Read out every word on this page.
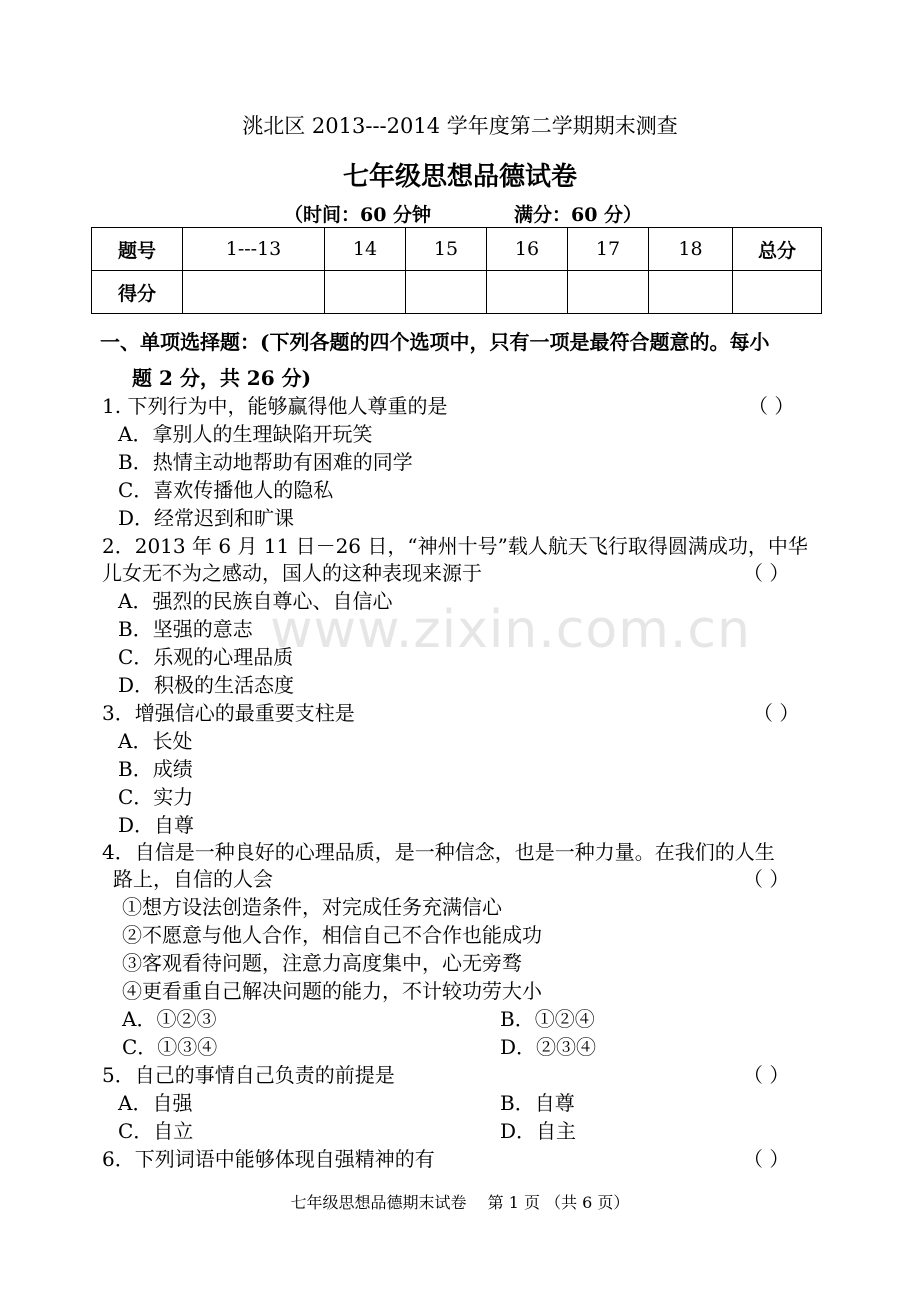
洮北区 2013---2014 学年度第二学期期末测查
七年级思想品德试卷
（时间：60 分钟	满分：60 分）
题号	1---13	14	15	16	17	18	总分
得分							
一、单项选择题：(下列各题的四个选项中，只有一项是最符合题意的。每小
题 2 分，共 26 分)
1. 下列行为中，能够赢得他人尊重的是	（ ）
A．拿别人的生理缺陷开玩笑
B．热情主动地帮助有困难的同学
C．喜欢传播他人的隐私
D．经常迟到和旷课
2．2013 年 6 月 11 日－26 日，“神州十号”载人航天飞行取得圆满成功，中华
儿女无不为之感动，国人的这种表现来源于	（ ）
A．强烈的民族自尊心、自信心
B．坚强的意志
C．乐观的心理品质
D．积极的生活态度
3．增强信心的最重要支柱是	（ ）
A．长处
B．成绩
C．实力
D．自尊
4．自信是一种良好的心理品质，是一种信念，也是一种力量。在我们的人生
路上，自信的人会	（ ）
①想方设法创造条件，对完成任务充满信心
②不愿意与他人合作，相信自己不合作也能成功
③客观看待问题，注意力高度集中，心无旁骛
④更看重自己解决问题的能力，不计较功劳大小
A．①②③	B．①②④
C．①③④	D．②③④
5．自己的事情自己负责的前提是	（ ）
A．自强	B．自尊
C．自立	D．自主
6．下列词语中能够体现自强精神的有	（ ）
www.zixin.com.cn
七年级思想品德期末试卷　 第 1 页 （共 6 页）
